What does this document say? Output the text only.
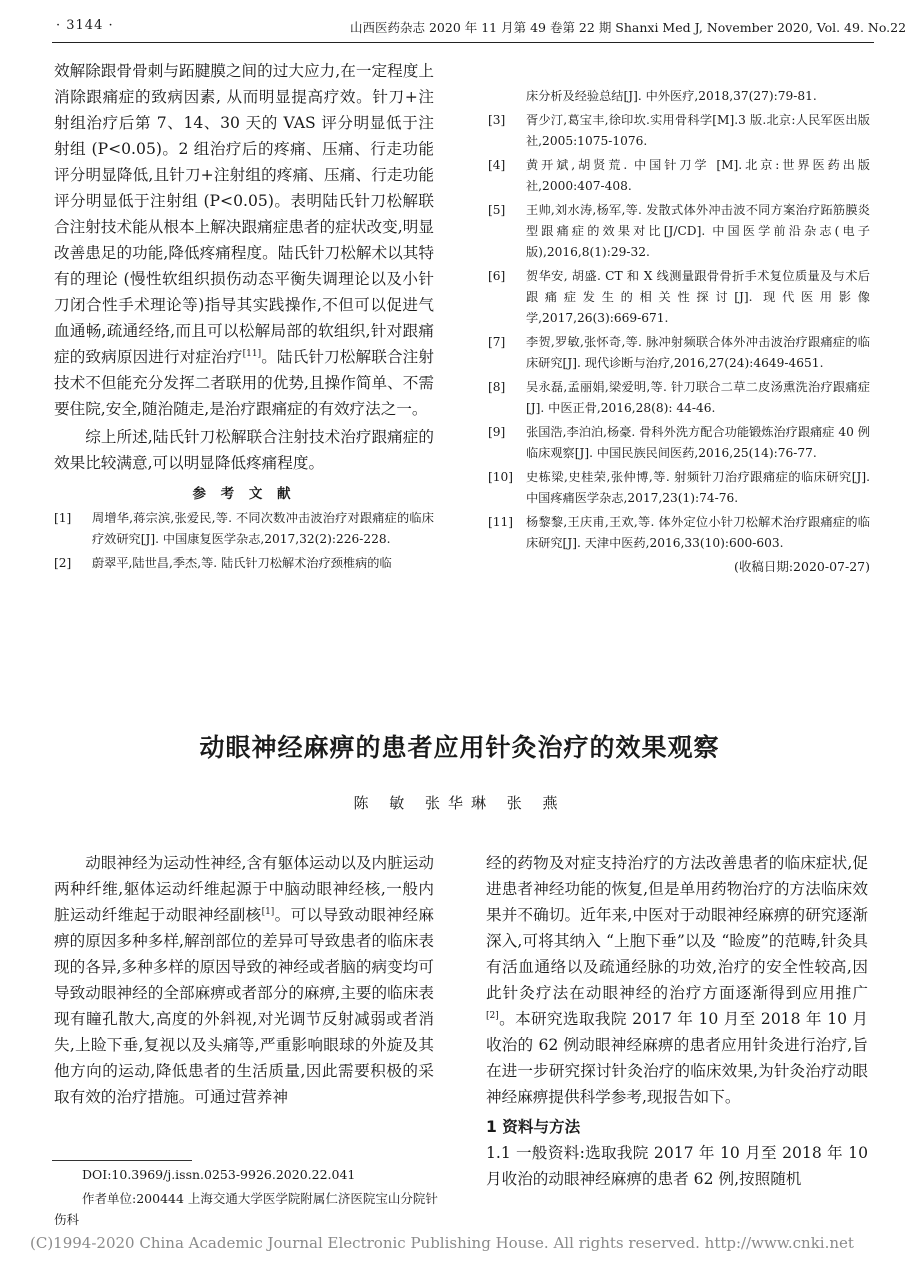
· 3144 ·	山西医药杂志 2020 年 11 月第 49 卷第 22 期 Shanxi Med J, November 2020, Vol. 49. No.22

效解除跟骨骨刺与跖腱膜之间的过大应力,在一定程度上消除跟痛症的致病因素, 从而明显提高疗效。针刀+注射组治疗后第 7、14、30 天的 VAS 评分明显低于注射组 (P<0.05)。2 组治疗后的疼痛、压痛、行走功能评分明显降低,且针刀+注射组的疼痛、压痛、行走功能评分明显低于注射组 (P<0.05)。表明陆氏针刀松解联合注射技术能从根本上解决跟痛症患者的症状改变,明显改善患足的功能,降低疼痛程度。陆氏针刀松解术以其特有的理论 (慢性软组织损伤动态平衡失调理论以及小针刀闭合性手术理论等)指导其实践操作,不但可以促进气血通畅,疏通经络,而且可以松解局部的软组织,针对跟痛症的致病原因进行对症治疗[11]。陆氏针刀松解联合注射技术不但能充分发挥二者联用的优势,且操作简单、不需要住院,安全,随治随走,是治疗跟痛症的有效疗法之一。

综上所述,陆氏针刀松解联合注射技术治疗跟痛症的效果比较满意,可以明显降低疼痛程度。

参 考 文 献
[1]	周增华,蒋宗滨,张爱民,等. 不同次数冲击波治疗对跟痛症的临床疗效研究[J]. 中国康复医学杂志,2017,32(2):226-228.
[2]	蔚翠平,陆世昌,季杰,等. 陆氏针刀松解术治疗颈椎病的临
床分析及经验总结[J]. 中外医疗,2018,37(27):79-81.
[3]	胥少汀,葛宝丰,徐印坎.实用骨科学[M].3 版.北京:人民军医出版社,2005:1075-1076.
[4]	黄开斌,胡贤荒. 中国针刀学 [M].北京:世界医药出版社,2000:407-408.
[5]	王帅,刘水涛,杨军,等. 发散式体外冲击波不同方案治疗跖筋膜炎型跟痛症的效果对比[J/CD]. 中国医学前沿杂志(电子版),2016,8(1):29-32.
[6]	贺华安, 胡盛. CT 和 X 线测量跟骨骨折手术复位质量及与术后跟痛症发生的相关性探讨[J]. 现代医用影像学,2017,26(3):669-671.
[7]	李贺,罗敏,张怀奇,等. 脉冲射频联合体外冲击波治疗跟痛症的临床研究[J]. 现代诊断与治疗,2016,27(24):4649-4651.
[8]	吴永磊,孟丽娟,梁爱明,等. 针刀联合二草二皮汤熏洗治疗跟痛症[J]. 中医正骨,2016,28(8): 44-46.
[9]	张国浩,李泊泊,杨豪. 骨科外洗方配合功能锻炼治疗跟痛症 40 例临床观察[J]. 中国民族民间医药,2016,25(14):76-77.
[10]	史栋梁,史桂荣,张仲博,等. 射频针刀治疗跟痛症的临床研究[J]. 中国疼痛医学杂志,2017,23(1):74-76.
[11]	杨黎黎,王庆甫,王欢,等. 体外定位小针刀松解术治疗跟痛症的临床研究[J]. 天津中医药,2016,33(10):600-603.
(收稿日期:2020-07-27)
动眼神经麻痹的患者应用针灸治疗的效果观察
陈 敏 张华琳 张 燕

动眼神经为运动性神经,含有躯体运动以及内脏运动两种纤维,躯体运动纤维起源于中脑动眼神经核,一般内脏运动纤维起于动眼神经副核[1]。可以导致动眼神经麻痹的原因多种多样,解剖部位的差异可导致患者的临床表现的各异,多种多样的原因导致的神经或者脑的病变均可导致动眼神经的全部麻痹或者部分的麻痹,主要的临床表现有瞳孔散大,高度的外斜视,对光调节反射减弱或者消失,上睑下垂,复视以及头痛等,严重影响眼球的外旋及其他方向的运动,降低患者的生活质量,因此需要积极的采取有效的治疗措施。可通过营养神

经的药物及对症支持治疗的方法改善患者的临床症状,促进患者神经功能的恢复,但是单用药物治疗的方法临床效果并不确切。近年来,中医对于动眼神经麻痹的研究逐渐深入,可将其纳入 “上胞下垂”以及 “睑废”的范畴,针灸具有活血通络以及疏通经脉的功效,治疗的安全性较高,因此针灸疗法在动眼神经的治疗方面逐渐得到应用推广[2]。本研究选取我院 2017 年 10 月至 2018 年 10 月收治的 62 例动眼神经麻痹的患者应用针灸进行治疗,旨在进一步研究探讨针灸治疗的临床效果,为针灸治疗动眼神经麻痹提供科学参考,现报告如下。

1 资料与方法

1.1 一般资料:选取我院 2017 年 10 月至 2018 年 10 月收治的动眼神经麻痹的患者 62 例,按照随机

DOI:10.3969/j.issn.0253-9926.2020.22.041
作者单位:200444 上海交通大学医学院附属仁济医院宝山分院针伤科
(C)1994-2020 China Academic Journal Electronic Publishing House. All rights reserved. http://www.cnki.net
